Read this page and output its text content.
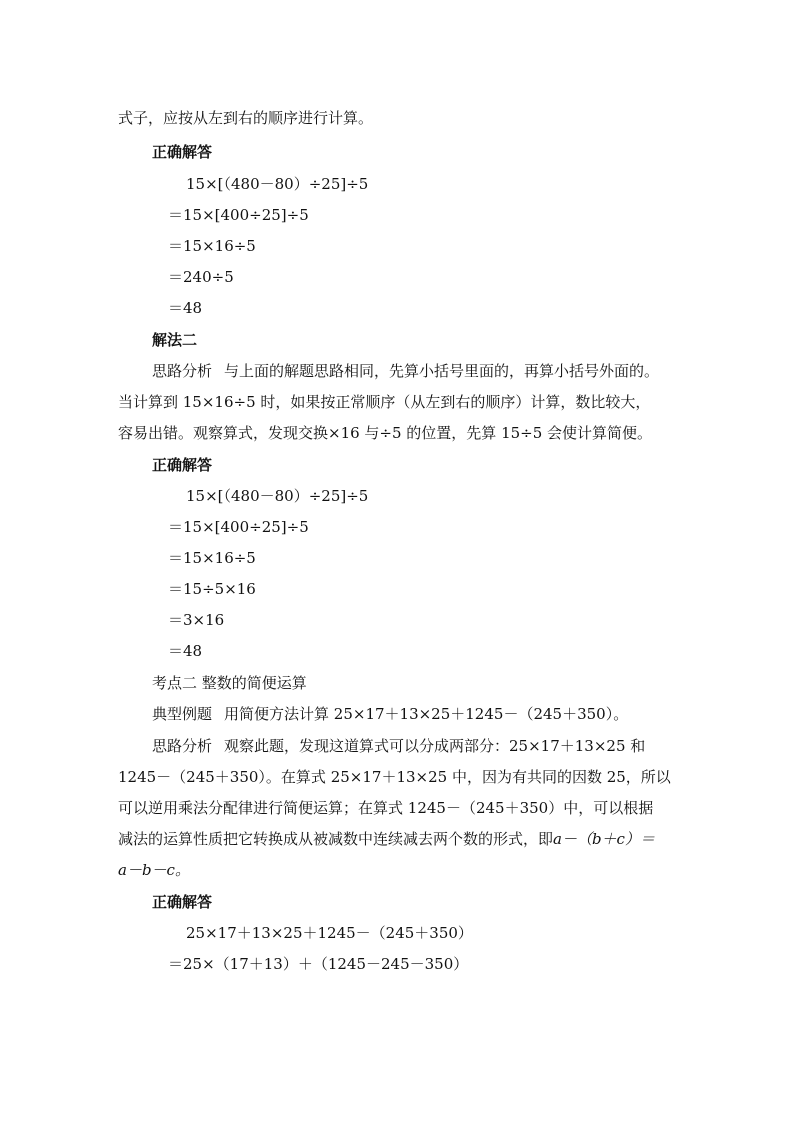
式子，应按从左到右的顺序进行计算。
正确解答
15×[（480－80）÷25]÷5
＝15×[400÷25]÷5
＝15×16÷5
＝240÷5
＝48
解法二
思路分析 与上面的解题思路相同，先算小括号里面的，再算小括号外面的。
当计算到 15×16÷5 时，如果按正常顺序（从左到右的顺序）计算，数比较大，
容易出错。观察算式，发现交换×16 与÷5 的位置，先算 15÷5 会使计算简便。
正确解答
15×[（480－80）÷25]÷5
＝15×[400÷25]÷5
＝15×16÷5
＝15÷5×16
＝3×16
＝48
考点二 整数的简便运算
典型例题 用简便方法计算 25×17＋13×25＋1245－（245＋350）。
思路分析 观察此题，发现这道算式可以分成两部分：25×17＋13×25 和
1245－（245＋350）。在算式 25×17＋13×25 中，因为有共同的因数 25，所以
可以逆用乘法分配律进行简便运算；在算式 1245－（245＋350）中，可以根据
减法的运算性质把它转换成从被减数中连续减去两个数的形式，即a－（b＋c）＝
a－b－c。
正确解答
25×17＋13×25＋1245－（245＋350）
＝25×（17＋13）＋（1245－245－350）
